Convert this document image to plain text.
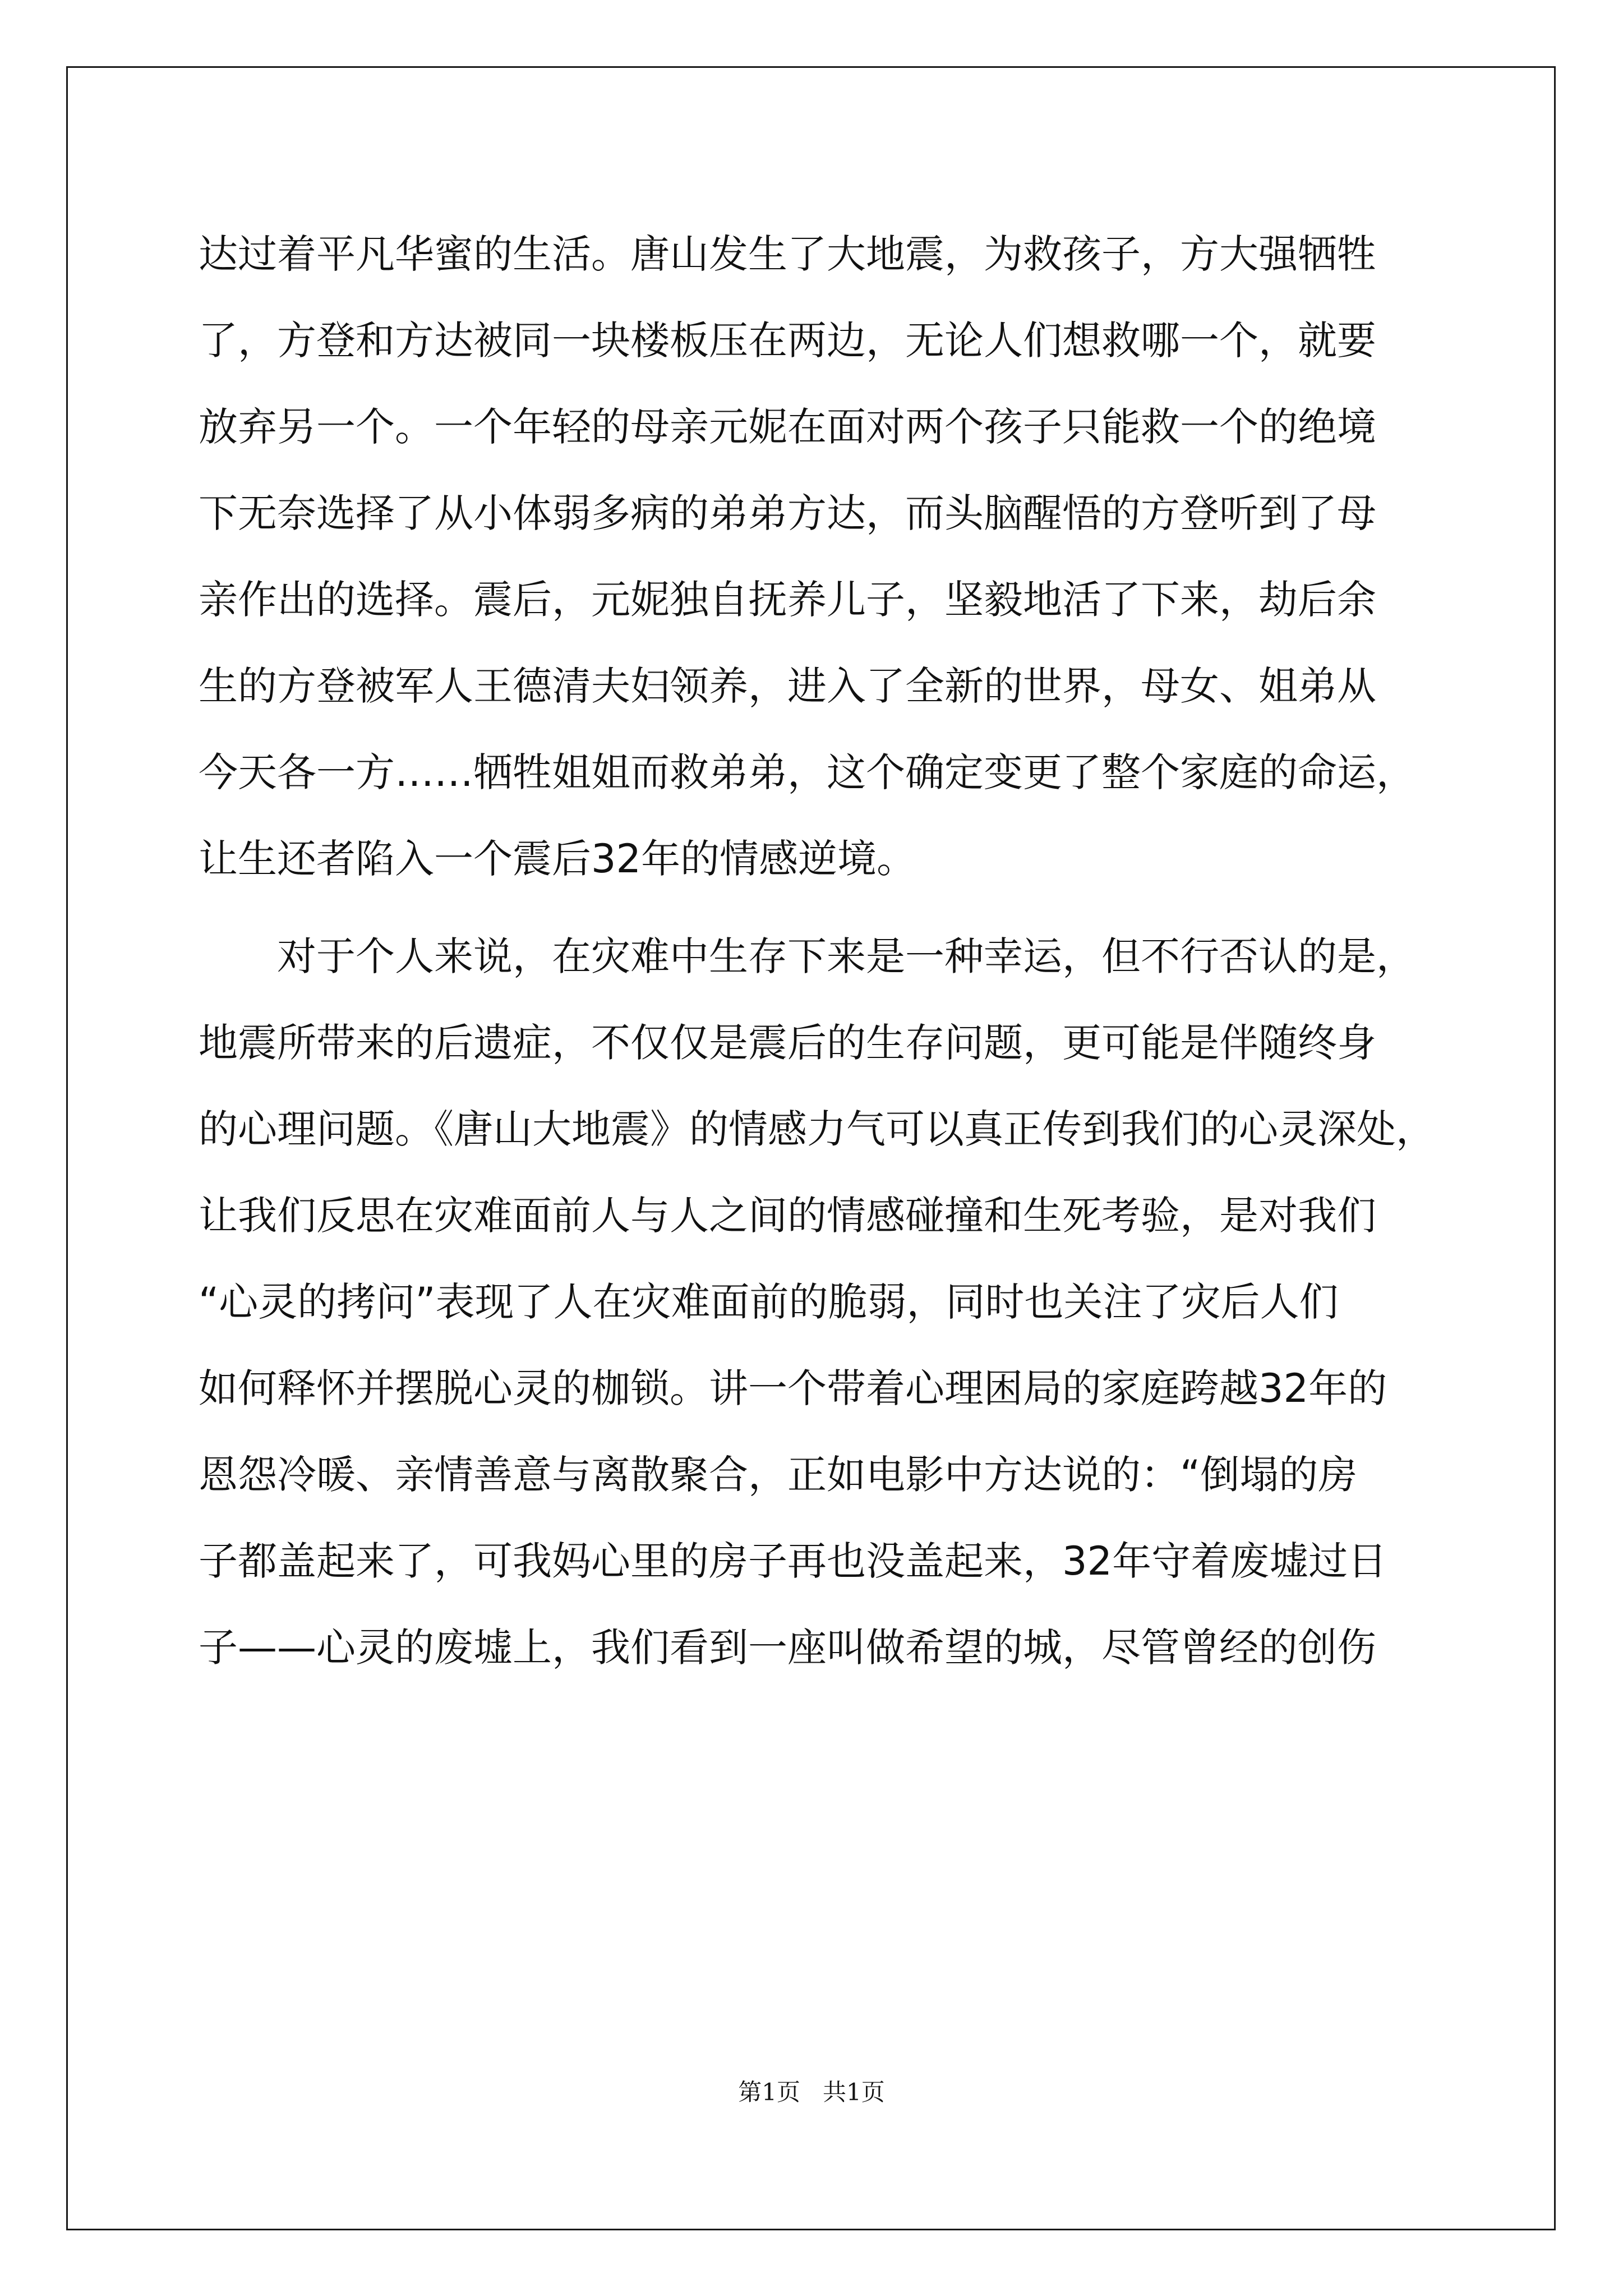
达过着平凡华蜜的生活。唐山发生了大地震，为救孩子，方大强牺牲
了，方登和方达被同一块楼板压在两边，无论人们想救哪一个，就要
放弃另一个。一个年轻的母亲元妮在面对两个孩子只能救一个的绝境
下无奈选择了从小体弱多病的弟弟方达，而头脑醒悟的方登听到了母
亲作出的选择。震后，元妮独自抚养儿子，坚毅地活了下来，劫后余
生的方登被军人王德清夫妇领养，进入了全新的世界，母女、姐弟从
今天各一方……牺牲姐姐而救弟弟，这个确定变更了整个家庭的命运，
让生还者陷入一个震后32年的情感逆境。
对于个人来说，在灾难中生存下来是一种幸运，但不行否认的是，
地震所带来的后遗症，不仅仅是震后的生存问题，更可能是伴随终身
的心理问题。《唐山大地震》的情感力气可以真正传到我们的心灵深处，
让我们反思在灾难面前人与人之间的情感碰撞和生死考验，是对我们
“心灵的拷问”表现了人在灾难面前的脆弱，同时也关注了灾后人们
如何释怀并摆脱心灵的枷锁。讲一个带着心理困局的家庭跨越32年的
恩怨冷暖、亲情善意与离散聚合，正如电影中方达说的：“倒塌的房
子都盖起来了，可我妈心里的房子再也没盖起来，32年守着废墟过日
子——心灵的废墟上，我们看到一座叫做希望的城，尽管曾经的创伤
第1页   共1页
